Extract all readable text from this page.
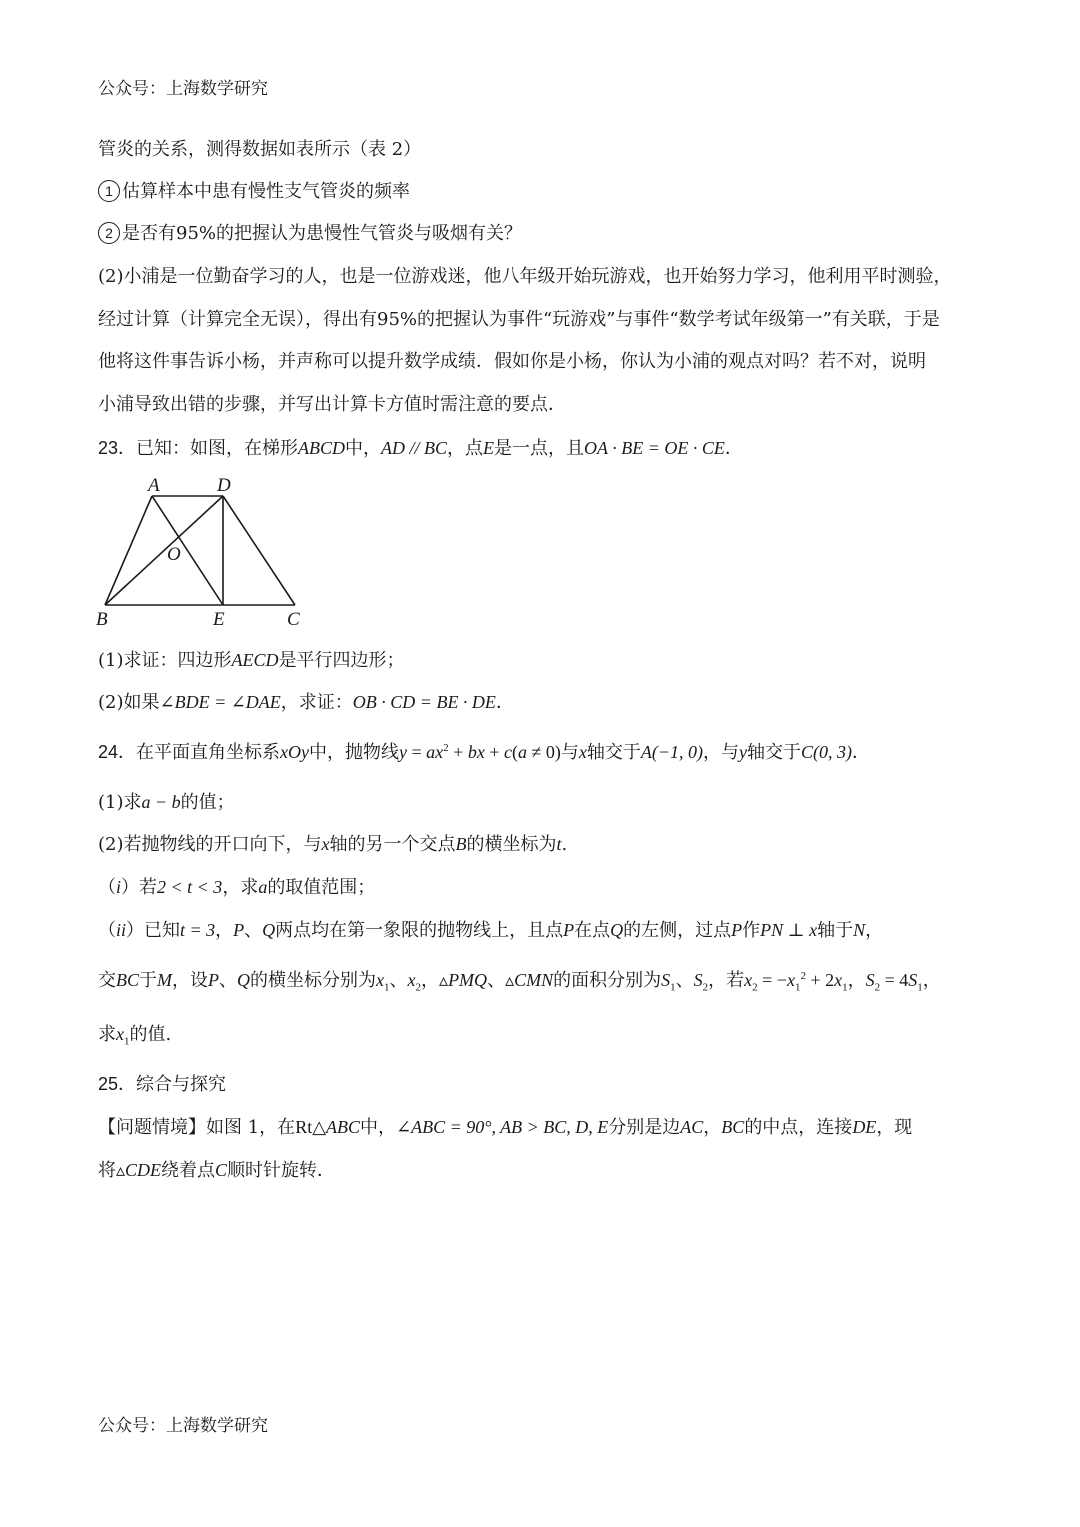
公众号：上海数学研究
管炎的关系，测得数据如表所示（表 2）
1 估算样本中患有慢性支气管炎的频率
2 是否有95%的把握认为患慢性气管炎与吸烟有关？
(2)小浦是一位勤奋学习的人，也是一位游戏迷，他八年级开始玩游戏，也开始努力学习，他利用平时测验，
经过计算（计算完全无误），得出有95%的把握认为事件“玩游戏”与事件“数学考试年级第一”有关联，于是
他将这件事告诉小杨，并声称可以提升数学成绩．假如你是小杨，你认为小浦的观点对吗？若不对，说明
小浦导致出错的步骤，并写出计算卡方值时需注意的要点．
23．已知：如图，在梯形ABCD中，AD // BC，点E是一点，且OA · BE = OE · CE．
A	D
O
B	E	C
(1)求证：四边形AECD是平行四边形；
(2)如果∠BDE = ∠DAE，求证：OB · CD = BE · DE．
24．在平面直角坐标系xOy中，抛物线$y = ax^2$ + bx + c(a ≠ 0)与x轴交于A(−1, 0)，与y轴交于C(0, 3)．
(1)求a − b的值；
(2)若抛物线的开口向下，与x轴的另一个交点B的横坐标为t.
（i）若2 < t < 3，求a的取值范围；
（ii）已知t = 3，P、Q两点均在第一象限的抛物线上，且点P在点Q的左侧，过点P作PN ⊥ x轴于N，
交BC于M，设P、Q的横坐标分别为$x_1$、$x_2$，▵PMQ、▵CMN的面积分别为$S_1$、$S_2$，若$x_2 = -x_1^2 + 2x_1$，$S_2 = 4S_1$，
求$x_1$的值.
25．综合与探究
【问题情境】如图 1，在Rt△ABC中，∠ABC = 90°, AB > BC, D, E分别是边AC，BC的中点，连接DE，现
将▵CDE绕着点C顺时针旋转．
公众号：上海数学研究
